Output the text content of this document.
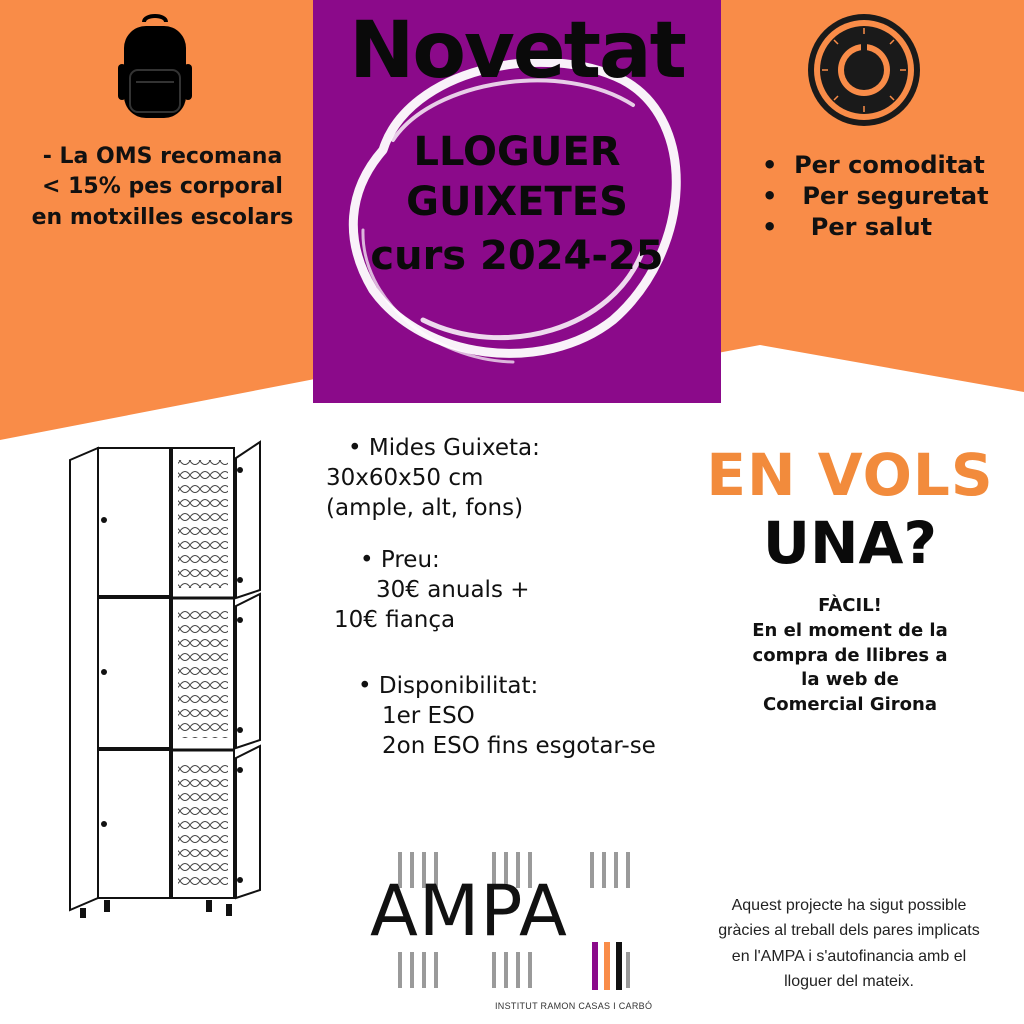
Novetat
LLOGUER
GUIXETES
curs 2024-25
- La OMS recomana
< 15% pes corporal
en motxilles escolars
•  Per comoditat
•   Per seguretat
•    Per salut
• Mides Guixeta:
30x60x50 cm
(ample, alt, fons)
• Preu:
30€ anuals +
10€ fiança
• Disponibilitat:
1er ESO
2on ESO fins esgotar-se
EN VOLS
UNA?
FÀCIL!
En el moment de la
compra de llibres a
la web de
Comercial Girona
AMPA
INSTITUT RAMON CASAS I CARBÓ
Aquest projecte ha sigut possible
gràcies al treball dels pares implicats
en l'AMPA i s'autofinancia amb el
lloguer del mateix.
